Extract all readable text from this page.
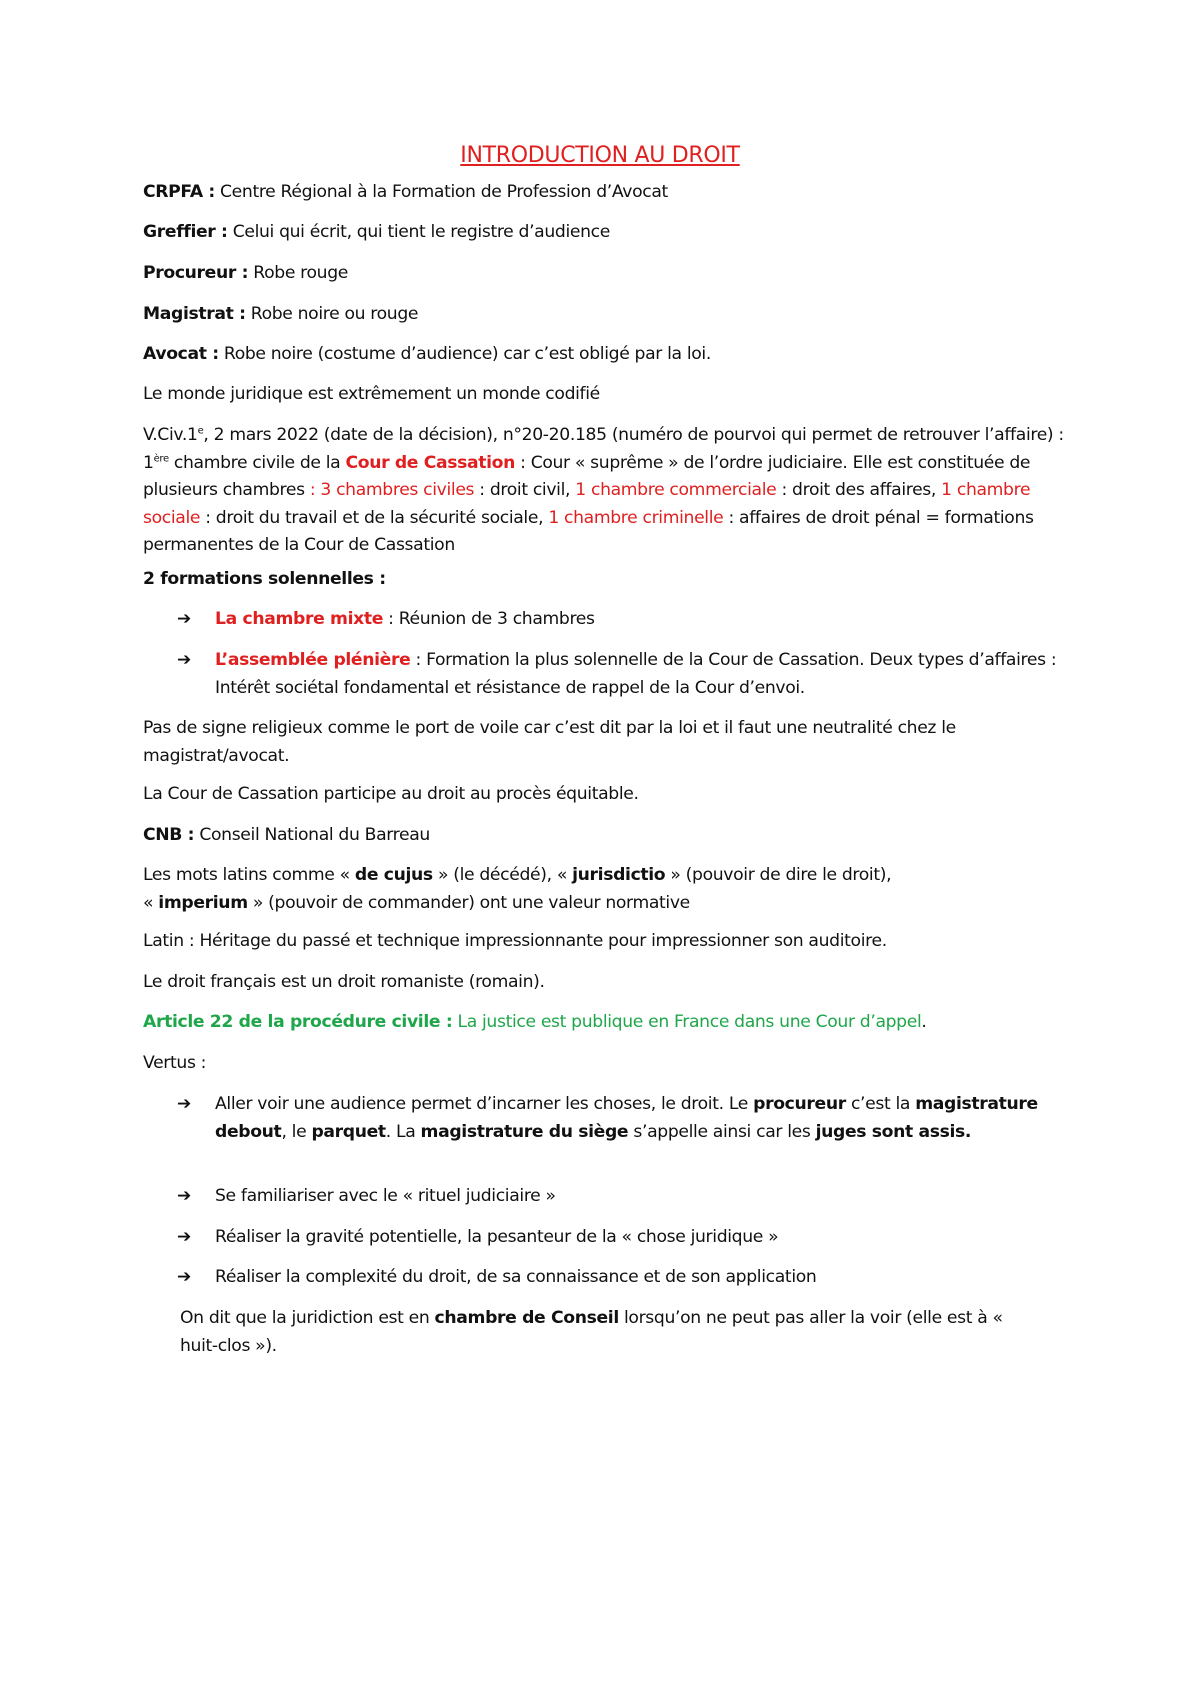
INTRODUCTION AU DROIT
CRPFA : Centre Régional à la Formation de Profession d’Avocat
Greffier : Celui qui écrit, qui tient le registre d’audience
Procureur : Robe rouge
Magistrat : Robe noire ou rouge
Avocat : Robe noire (costume d’audience) car c’est obligé par la loi.
Le monde juridique est extrêmement un monde codifié
V.Civ.1e, 2 mars 2022 (date de la décision), n°20-20.185 (numéro de pourvoi qui permet de retrouver l’affaire) : 1ère chambre civile de la Cour de Cassation : Cour « suprême » de l’ordre judiciaire. Elle est constituée de plusieurs chambres : 3 chambres civiles : droit civil, 1 chambre commerciale : droit des affaires, 1 chambre sociale : droit du travail et de la sécurité sociale, 1 chambre criminelle : affaires de droit pénal = formations permanentes de la Cour de Cassation
2 formations solennelles :
➔ La chambre mixte : Réunion de 3 chambres
➔ L’assemblée plénière : Formation la plus solennelle de la Cour de Cassation. Deux types d’affaires : Intérêt sociétal fondamental et résistance de rappel de la Cour d’envoi.
Pas de signe religieux comme le port de voile car c’est dit par la loi et il faut une neutralité chez le magistrat/avocat.
La Cour de Cassation participe au droit au procès équitable.
CNB : Conseil National du Barreau
Les mots latins comme « de cujus » (le décédé), « jurisdictio » (pouvoir de dire le droit),
« imperium » (pouvoir de commander) ont une valeur normative
Latin : Héritage du passé et technique impressionnante pour impressionner son auditoire.
Le droit français est un droit romaniste (romain).
Article 22 de la procédure civile : La justice est publique en France dans une Cour d’appel.
Vertus :
➔ Aller voir une audience permet d’incarner les choses, le droit. Le procureur c’est la magistrature debout, le parquet. La magistrature du siège s’appelle ainsi car les juges sont assis.
➔ Se familiariser avec le « rituel judiciaire »
➔ Réaliser la gravité potentielle, la pesanteur de la « chose juridique »
➔ Réaliser la complexité du droit, de sa connaissance et de son application
On dit que la juridiction est en chambre de Conseil lorsqu’on ne peut pas aller la voir (elle est à « huit-clos »).
